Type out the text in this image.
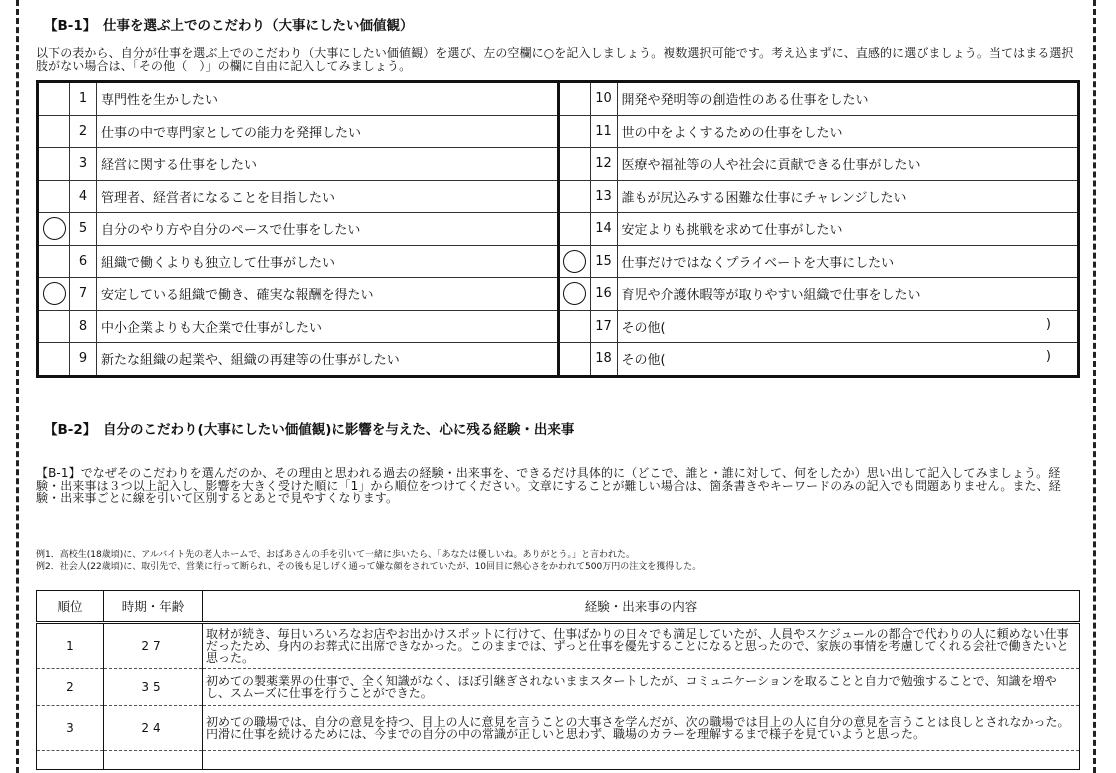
【B-1】　仕事を選ぶ上でのこだわり（大事にしたい価値観）
以下の表から、自分が仕事を選ぶ上でのこだわり（大事にしたい価値観）を選び、左の空欄に○を記入しましょう。複数選択可能です。考え込まずに、直感的に選びましょう。当てはまる選択肢がない場合は、「その他（　）」の欄に自由に記入してみましょう。
	1	専門性を生かしたい		10	開発や発明等の創造性のある仕事をしたい
	2	仕事の中で専門家としての能力を発揮したい		11	世の中をよくするための仕事をしたい
	3	経営に関する仕事をしたい		12	医療や福祉等の人や社会に貢献できる仕事がしたい
	4	管理者、経営者になることを目指したい		13	誰もが尻込みする困難な仕事にチャレンジしたい
	5	自分のやり方や自分のペースで仕事をしたい		14	安定よりも挑戦を求めて仕事がしたい
	6	組織で働くよりも独立して仕事がしたい		15	仕事だけではなくプライベートを大事にしたい
	7	安定している組織で働き、確実な報酬を得たい		16	育児や介護休暇等が取りやすい組織で仕事をしたい
	8	中小企業よりも大企業で仕事がしたい		17	その他( )

	9	新たな組織の起業や、組織の再建等の仕事がしたい		18	その他( )
【B-2】　自分のこだわり(大事にしたい価値観)に影響を与えた、心に残る経験・出来事
【B-1】でなぜそのこだわりを選んだのか、その理由と思われる過去の経験・出来事を、できるだけ具体的に（どこで、誰と・誰に対して、何をしたか）思い出して記入してみましょう。経験・出来事は３つ以上記入し、影響を大きく受けた順に「1」から順位をつけてください。文章にすることが難しい場合は、箇条書きやキーワードのみの記入でも問題ありません。また、経験・出来事ごとに線を引いて区別するとあとで見やすくなります。
例1．高校生(18歳頃)に、アルバイト先の老人ホームで、おばあさんの手を引いて一緒に歩いたら、「あなたは優しいね。ありがとう。」と言われた。
例2．社会人(22歳頃)に、取引先で、営業に行って断られ、その後も足しげく通って嫌な顔をされていたが、10回目に熱心さをかわれて500万円の注文を獲得した。
順位	時期・年齢	経験・出来事の内容
1	27	取材が続き、毎日いろいろなお店やお出かけスポットに行けて、仕事ばかりの日々でも満足していたが、人員やスケジュールの都合で代わりの人に頼めない仕事だったため、身内のお葬式に出席できなかった。このままでは、ずっと仕事を優先することになると思ったので、家族の事情を考慮してくれる会社で働きたいと思った。
2	35	初めての製薬業界の仕事で、全く知識がなく、ほぼ引継ぎされないままスタートしたが、コミュニケーションを取ることと自力で勉強することで、知識を増やし、スムーズに仕事を行うことができた。
3	24	初めての職場では、自分の意見を持つ、目上の人に意見を言うことの大事さを学んだが、次の職場では目上の人に自分の意見を言うことは良しとされなかった。円滑に仕事を続けるためには、今までの自分の中の常識が正しいと思わず、職場のカラーを理解するまで様子を見ていようと思った。
